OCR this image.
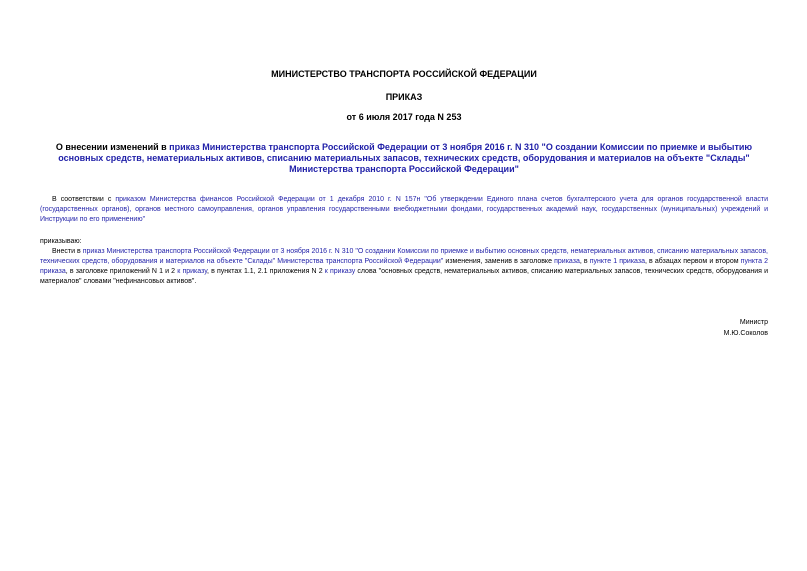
МИНИСТЕРСТВО ТРАНСПОРТА РОССИЙСКОЙ ФЕДЕРАЦИИ
ПРИКАЗ
от 6 июля 2017 года N 253
О внесении изменений в приказ Министерства транспорта Российской Федерации от 3 ноября 2016 г. N 310 "О создании Комиссии по приемке и выбытию основных средств, нематериальных активов, списанию материальных запасов, технических средств, оборудования и материалов на объекте "Склады" Министерства транспорта Российской Федерации"
В соответствии с приказом Министерства финансов Российской Федерации от 1 декабря 2010 г. N 157н "Об утверждении Единого плана счетов бухгалтерского учета для органов государственной власти (государственных органов), органов местного самоуправления, органов управления государственными внебюджетными фондами, государственных академий наук, государственных (муниципальных) учреждений и Инструкции по его применению"
приказываю:
Внести в приказ Министерства транспорта Российской Федерации от 3 ноября 2016 г. N 310 "О создании Комиссии по приемке и выбытию основных средств, нематериальных активов, списанию материальных запасов, технических средств, оборудования и материалов на объекте "Склады" Министерства транспорта Российской Федерации" изменения, заменив в заголовке приказа, в пункте 1 приказа, в абзацах первом и втором пункта 2 приказа, в заголовке приложений N 1 и 2 к приказу, в пунктах 1.1, 2.1 приложения N 2 к приказу слова "основных средств, нематериальных активов, списанию материальных запасов, технических средств, оборудования и материалов" словами "нефинансовых активов".
Министр
М.Ю.Соколов
